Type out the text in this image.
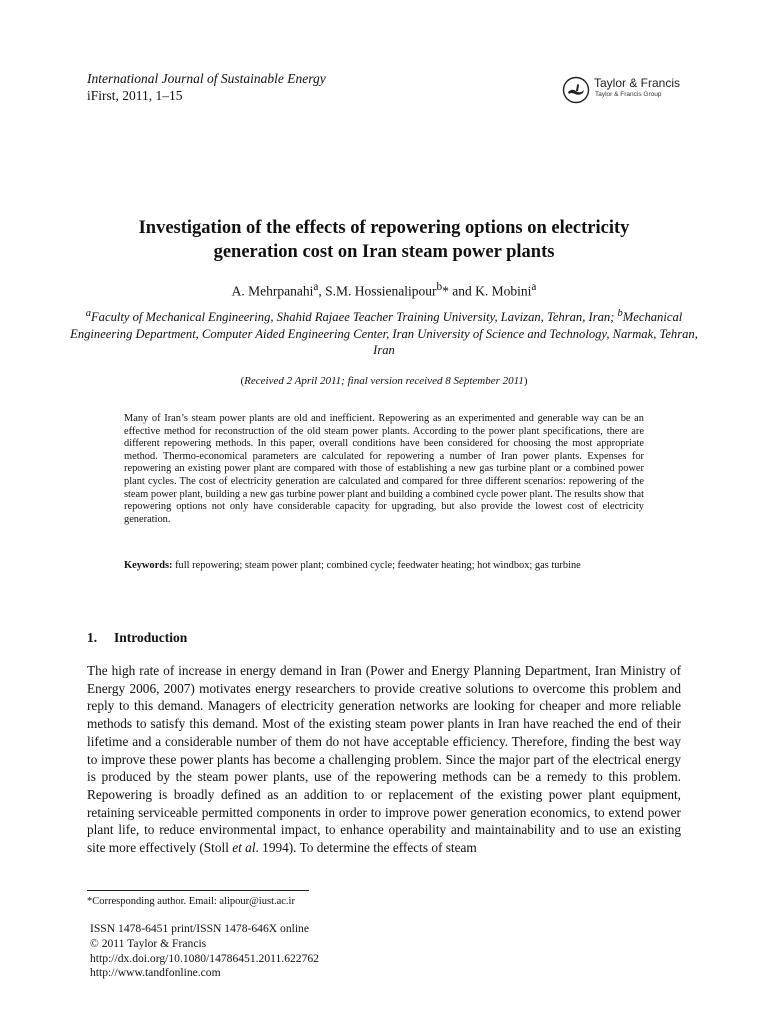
International Journal of Sustainable Energy
iFirst, 2011, 1–15
Taylor & Francis
Taylor & Francis Group
Investigation of the effects of repowering options on electricity
generation cost on Iran steam power plants
A. Mehrpanahi$^a$, S.M. Hossienalipour$^b$* and K. Mobini$^a$
$^a$Faculty of Mechanical Engineering, Shahid Rajaee Teacher Training University, Lavizan, Tehran, Iran; $^b$Mechanical Engineering Department, Computer Aided Engineering Center, Iran University of Science and Technology, Narmak, Tehran, Iran
(Received 2 April 2011; final version received 8 September 2011)
Many of Iran’s steam power plants are old and inefficient. Repowering as an experimented and generable way can be an effective method for reconstruction of the old steam power plants. According to the power plant specifications, there are different repowering methods. In this paper, overall conditions have been considered for choosing the most appropriate method. Thermo-economical parameters are calculated for repowering a number of Iran power plants. Expenses for repowering an existing power plant are compared with those of establishing a new gas turbine plant or a combined power plant cycles. The cost of electricity generation are calculated and compared for three different scenarios: repowering of the steam power plant, building a new gas turbine power plant and building a combined cycle power plant. The results show that repowering options not only have considerable capacity for upgrading, but also provide the lowest cost of electricity generation.
Keywords: full repowering; steam power plant; combined cycle; feedwater heating; hot windbox; gas turbine
1. Introduction
The high rate of increase in energy demand in Iran (Power and Energy Planning Department, Iran Ministry of Energy 2006, 2007) motivates energy researchers to provide creative solutions to overcome this problem and reply to this demand. Managers of electricity generation networks are looking for cheaper and more reliable methods to satisfy this demand. Most of the existing steam power plants in Iran have reached the end of their lifetime and a considerable number of them do not have acceptable efficiency. Therefore, finding the best way to improve these power plants has become a challenging problem. Since the major part of the electrical energy is produced by the steam power plants, use of the repowering methods can be a remedy to this problem. Repowering is broadly defined as an addition to or replacement of the existing power plant equipment, retaining serviceable permitted components in order to improve power generation economics, to extend power plant life, to reduce environmental impact, to enhance operability and maintainability and to use an existing site more effectively (Stoll et al. 1994). To determine the effects of steam
*Corresponding author. Email: alipour@iust.ac.ir
ISSN 1478-6451 print/ISSN 1478-646X online
© 2011 Taylor & Francis
http://dx.doi.org/10.1080/14786451.2011.622762
http://www.tandfonline.com
